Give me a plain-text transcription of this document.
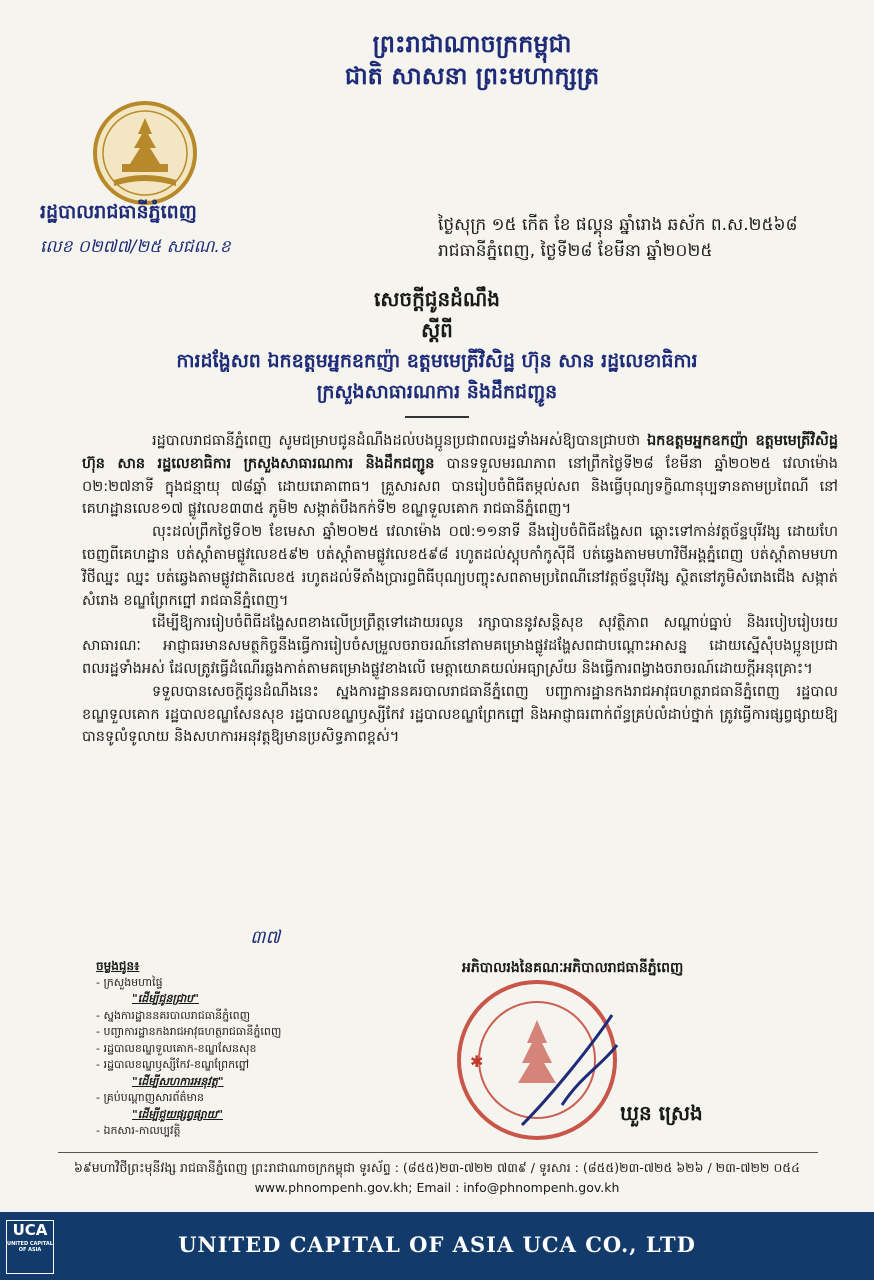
ព្រះរាជាណាចក្រកម្ពុជា
ជាតិ សាសនា ព្រះមហាក្សត្រ
រដ្ឋបាលរាជធានីភ្នំពេញ
លេខ ០២៧៧/២៥ សជណ.ខ
ថ្ងៃសុក្រ ១៥ កើត ខែ ផល្គុន ឆ្នាំរោង ឆស័ក ព.ស.២៥៦៨
រាជធានីភ្នំពេញ, ថ្ងៃទី២៨ ខែមីនា ឆ្នាំ២០២៥
សេចក្តីជូនដំណឹង
ស្តីពី
ការដង្ហែសព ឯកឧត្តមអ្នកឧកញ៉ា ឧត្តមមេត្រីវិសិដ្ឋ ហ៊ុន សាន រដ្ឋលេខាធិការ
ក្រសួងសាធារណការ និងដឹកជញ្ជូន

រដ្ឋបាលរាជធានីភ្នំពេញ សូមជម្រាបជូនដំណឹងដល់បងប្អូនប្រជាពលរដ្ឋទាំងអស់ឱ្យបានជ្រាបថា ឯកឧត្តមអ្នកឧកញ៉ា ឧត្តមមេត្រីវិសិដ្ឋ ហ៊ុន សាន រដ្ឋលេខាធិការ ក្រសួងសាធារណការ និងដឹកជញ្ជូន បានទទួលមរណភាព នៅព្រឹកថ្ងៃទី២៨ ខែមីនា ឆ្នាំ២០២៥ វេលាម៉ោង ០២:២៧នាទី ក្នុងជន្មាយុ ៧៨ឆ្នាំ ដោយរោគាពាធ។ គ្រួសារសព បានរៀបចំពិធីតម្កល់សព និងធ្វើបុណ្យទក្ខិណានុប្បទានតាមប្រពៃណី នៅគេហដ្ឋានលេខ១៧ ផ្លូវលេខ៣៣៥ ភូមិ២ សង្កាត់បឹងកក់ទី២ ខណ្ឌទួលគោក រាជធានីភ្នំពេញ។

លុះដល់ព្រឹកថ្ងៃទី០២ ខែមេសា ឆ្នាំ២០២៥ វេលាម៉ោង ០៧:១១នាទី នឹងរៀបចំពិធីដង្ហែសព ឆ្ពោះទៅកាន់វត្តច័ន្ទបុរីវង្ស ដោយហែចេញពីគេហដ្ឋាន បត់ស្តាំតាមផ្លូវលេខ៥៩២ បត់ស្តាំតាមផ្លូវលេខ៥៩៨ រហូតដល់ស្តុបកាំកូស៊ីជី បត់ឆ្វេងតាមមហាវិថីអង្គភ្នំពេញ បត់ស្តាំតាមមហាវិថីឈ្នះ ឈ្នះ បត់ឆ្វេងតាមផ្លូវជាតិលេខ៥ រហូតដល់ទីតាំងប្រារព្ធពិធីបុណ្យបញ្ចុះសពតាមប្រពៃណីនៅវត្តច័ន្ទបុរីវង្ស ស្ថិតនៅភូមិសំរោងជើង សង្កាត់សំរោង ខណ្ឌព្រែកព្នៅ រាជធានីភ្នំពេញ។

ដើម្បីឱ្យការរៀបចំពិធីដង្ហែសពខាងលើប្រព្រឹត្តទៅដោយរលូន រក្សាបាននូវសន្តិសុខ សុវត្ថិភាព សណ្តាប់ធ្នាប់ និងរបៀបរៀបរយសាធារណៈ អាជ្ញាធរមានសមត្ថកិច្ចនឹងធ្វើការរៀបចំសម្រួលចរាចរណ៍នៅតាមគម្រោងផ្លូវដង្ហែសពជាបណ្តោះអាសន្ន ដោយស្នើសុំបងប្អូនប្រជាពលរដ្ឋទាំងអស់ ដែលត្រូវធ្វើដំណើរឆ្លងកាត់តាមគម្រោងផ្លូវខាងលើ មេត្តាយោគយល់អធ្យាស្រ័យ និងធ្វើការពង្វាងចរាចរណ៍ដោយក្តីអនុគ្រោះ។

ទទួលបានសេចក្តីជូនដំណឹងនេះ ស្នងការដ្ឋាននគរបាលរាជធានីភ្នំពេញ បញ្ជាការដ្ឋានកងរាជអាវុធហត្ថរាជធានីភ្នំពេញ រដ្ឋបាលខណ្ឌទួលគោក រដ្ឋបាលខណ្ឌសែនសុខ រដ្ឋបាលខណ្ឌឫស្សីកែវ រដ្ឋបាលខណ្ឌព្រែកព្នៅ និងអាជ្ញាធរពាក់ព័ន្ធគ្រប់លំដាប់ថ្នាក់ ត្រូវធ្វើការផ្សព្វផ្សាយឱ្យបានទូលំទូលាយ និងសហការអនុវត្តឱ្យមានប្រសិទ្ធភាពខ្ពស់។

៣៧
ចម្លងជូន៖
- ក្រសួងមហាផ្ទៃ
"ដើម្បីជូនជ្រាប"
- ស្នងការដ្ឋាននគរបាលរាជធានីភ្នំពេញ
- បញ្ជាការដ្ឋានកងរាជអាវុធហត្ថរាជធានីភ្នំពេញ
- រដ្ឋបាលខណ្ឌទួលគោក-ខណ្ឌសែនសុខ
- រដ្ឋបាលខណ្ឌឫស្សីកែវ-ខណ្ឌព្រែកព្នៅ
"ដើម្បីសហការអនុវត្ត"
- គ្រប់បណ្តាញសារព័ត៌មាន
"ដើម្បីជួយផ្សព្វផ្សាយ"
- ឯកសារ-កាលប្បវត្តិ
អភិបាលរងនៃគណៈអភិបាលរាជធានីភ្នំពេញ
✱
ឃួន ស្រេង
៦៩មហាវិថីព្រះមុនីវង្ស រាជធានីភ្នំពេញ ព្រះរាជាណាចក្រកម្ពុជា ទូរស័ព្ទ : (៨៥៥)២៣-៧២២ ៧៣៩ / ទូរសារ : (៨៥៥)២៣-៧២៥ ៦២៦ / ២៣-៧២២ ០៥៤
www.phnompenh.gov.kh; Email : info@phnompenh.gov.kh
UCA
UNITED CAPITAL OF ASIA	UNITED CAPITAL OF ASIA UCA CO., LTD
